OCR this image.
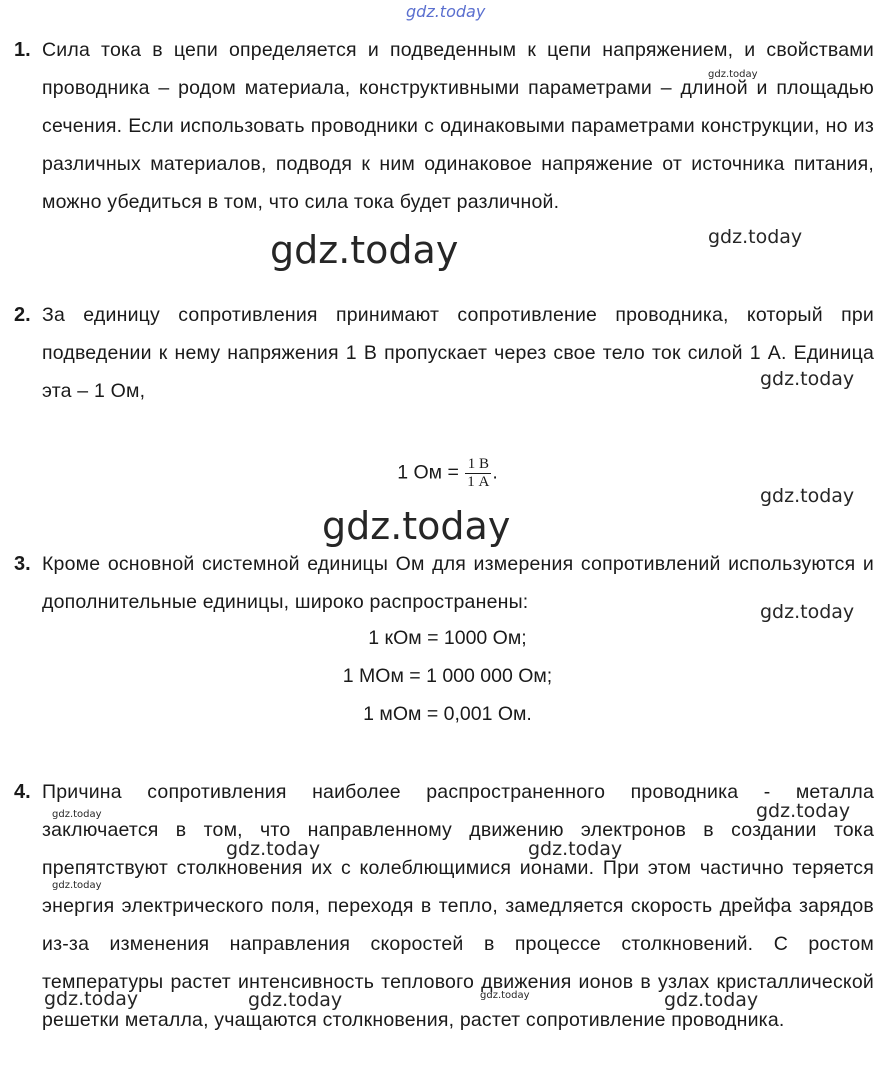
gdz.today
1. Сила тока в цепи определяется и подведенным к цепи напряжением, и свойствами проводника – родом материала, конструктивными параметрами – длиной и площадью сечения. Если использовать проводники с одинаковыми параметрами конструкции, но из различных материалов, подводя к ним одинаковое напряжение от источника питания, можно убедиться в том, что сила тока будет различной.
2. За единицу сопротивления принимают сопротивление проводника, который при подведении к нему напряжения 1 В пропускает через свое тело ток силой 1 А. Единица эта – 1 Ом,
1 Ом = $\frac{1 В}{1 А}$ .
3. Кроме основной системной единицы Ом для измерения сопротивлений используются и дополнительные единицы, широко распространены:
1 кОм = 1000 Ом;
1 МОм = 1 000 000 Ом;
1 мОм = 0,001 Ом.
4. Причина сопротивления наиболее распространенного проводника - металла заключается в том, что направленному движению электронов в создании тока препятствуют столкновения их с колеблющимися ионами. При этом частично теряется энергия электрического поля, переходя в тепло, замедляется скорость дрейфа зарядов из-за изменения направления скоростей в процессе столкновений. С ростом температуры растет интенсивность теплового движения ионов в узлах кристаллической решетки металла, учащаются столкновения, растет сопротивление проводника.
gdz.today
gdz.today	gdz.today
gdz.today
gdz.today
gdz.today
gdz.today
gdz.today	gdz.today
gdz.today	gdz.today
gdz.today
gdz.today	gdz.today	gdz.today	gdz.today
